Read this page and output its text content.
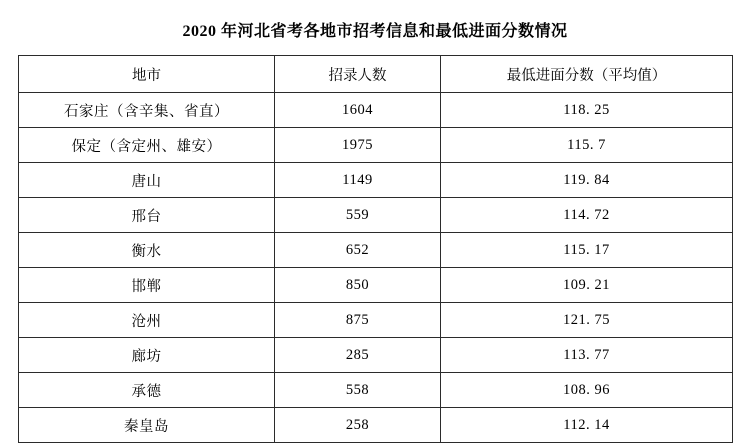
2020 年河北省考各地市招考信息和最低进面分数情况
地市	招录人数	最低进面分数（平均值）
石家庄（含辛集、省直）	1604	118. 25
保定（含定州、雄安）	1975	115. 7
唐山	1149	119. 84
邢台	559	114. 72
衡水	652	115. 17
邯郸	850	109. 21
沧州	875	121. 75
廊坊	285	113. 77
承德	558	108. 96
秦皇岛	258	112. 14
